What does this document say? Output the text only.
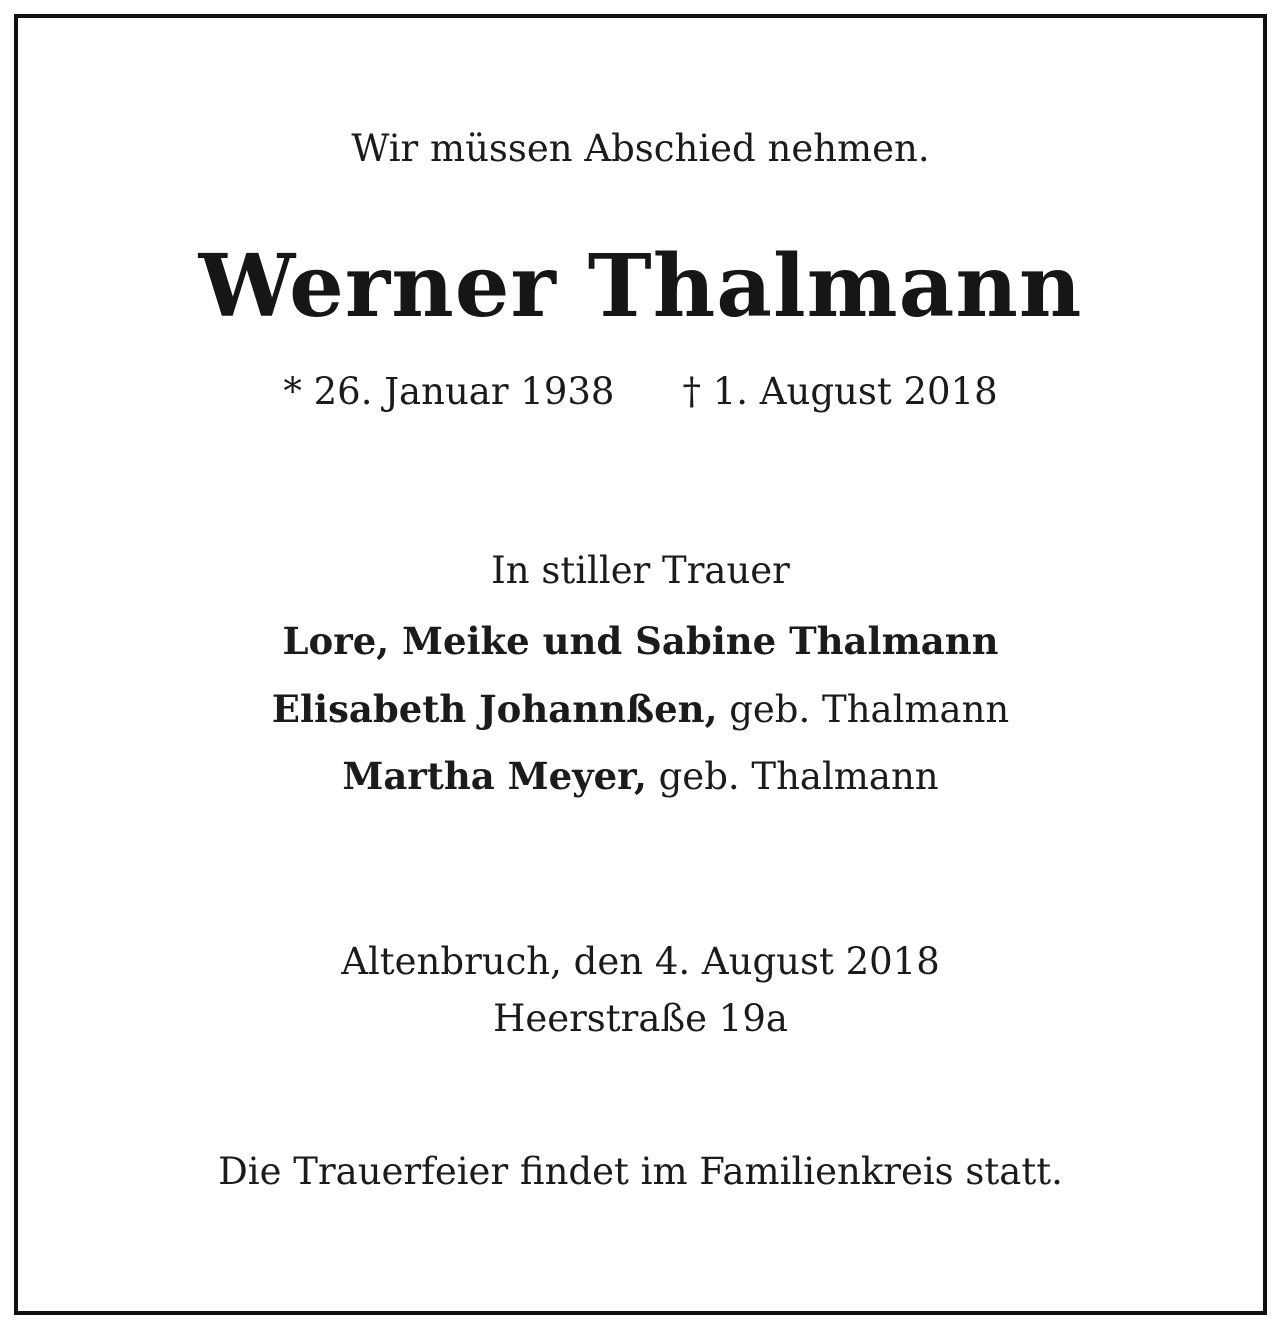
Wir müssen Abschied nehmen.
Werner Thalmann
* 26. Januar 1938 † 1. August 2018
In stiller Trauer
Lore, Meike und Sabine Thalmann
Elisabeth Johannßen, geb. Thalmann
Martha Meyer, geb. Thalmann
Altenbruch, den 4. August 2018
Heerstraße 19a
Die Trauerfeier findet im Familienkreis statt.
